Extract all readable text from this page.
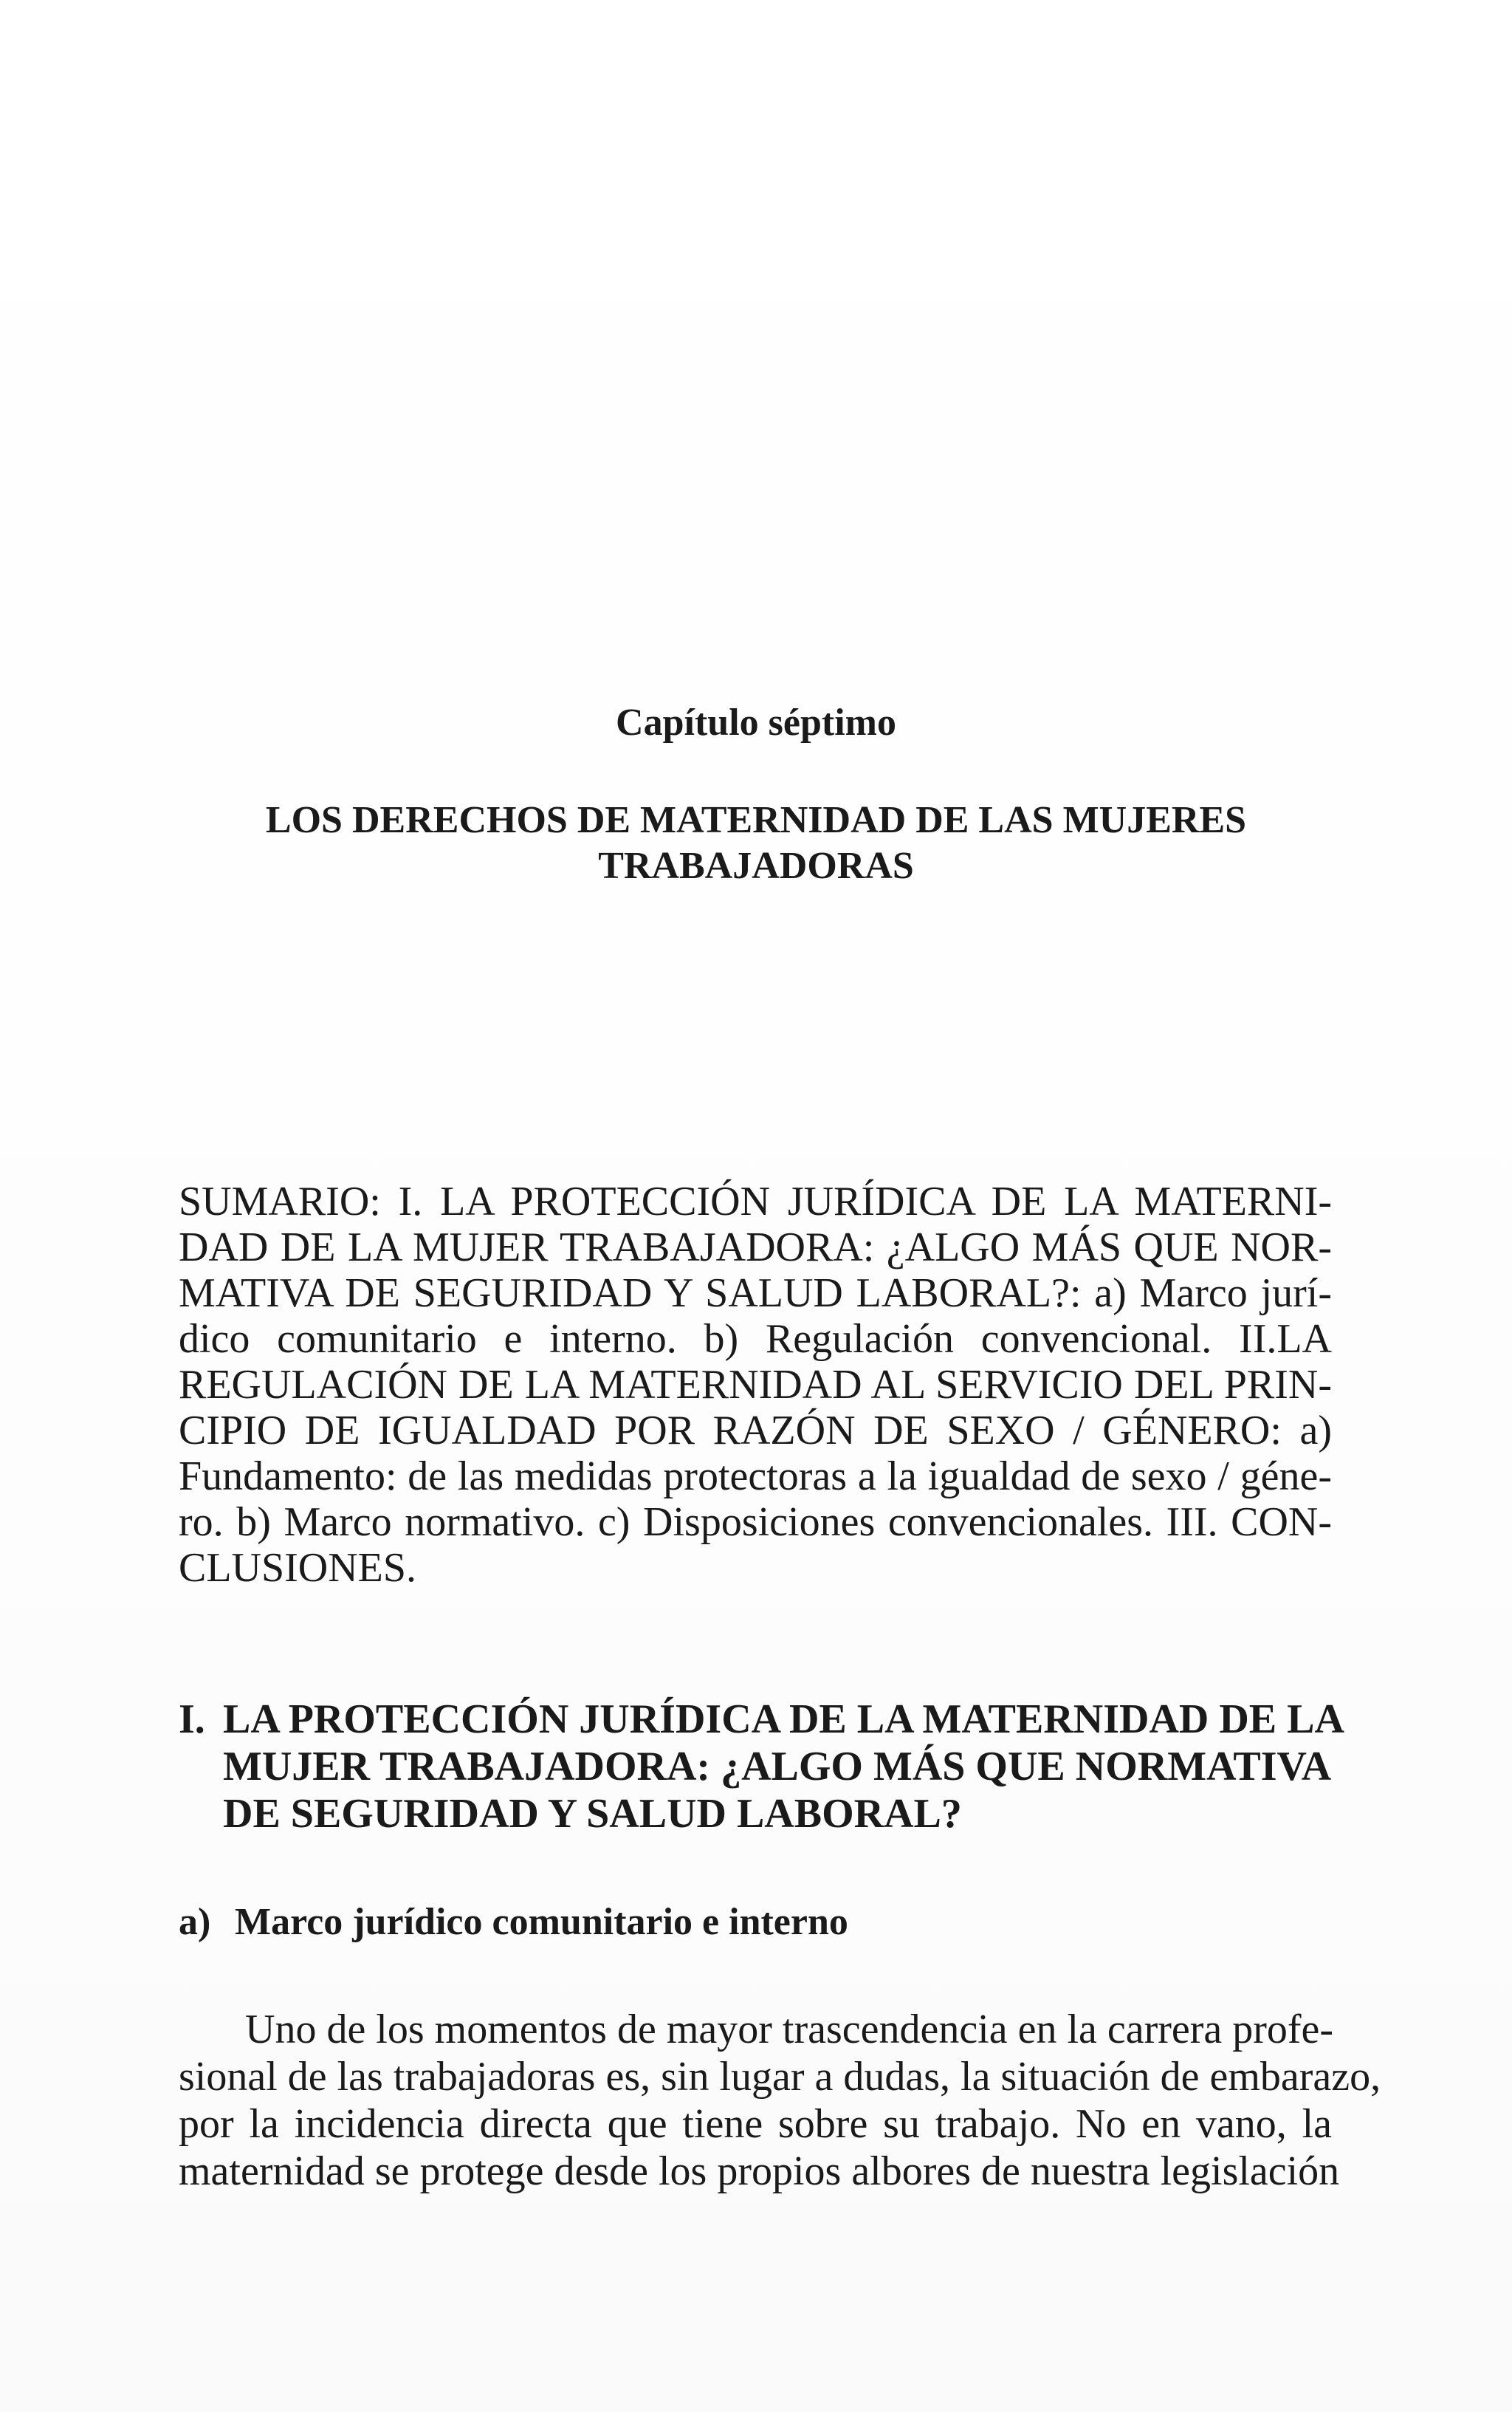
Capítulo séptimo
LOS DERECHOS DE MATERNIDAD DE LAS MUJERES
TRABAJADORAS
SUMARIO: I. LA PROTECCIÓN JURÍDICA DE LA MATERNI-
DAD DE LA MUJER TRABAJADORA: ¿ALGO MÁS QUE NOR-
MATIVA DE SEGURIDAD Y SALUD LABORAL?: a) Marco jurí-
dico comunitario e interno. b) Regulación convencional. II.LA
REGULACIÓN DE LA MATERNIDAD AL SERVICIO DEL PRIN-
CIPIO DE IGUALDAD POR RAZÓN DE SEXO / GÉNERO: a)
Fundamento: de las medidas protectoras a la igualdad de sexo / géne-
ro. b) Marco normativo. c) Disposiciones convencionales. III. CON-
CLUSIONES.
I. LA PROTECCIÓN JURÍDICA DE LA MATERNIDAD DE LA
MUJER TRABAJADORA: ¿ALGO MÁS QUE NORMATIVA
DE SEGURIDAD Y SALUD LABORAL?
a) Marco jurídico comunitario e interno

Uno de los momentos de mayor trascendencia en la carrera profe-
sional de las trabajadoras es, sin lugar a dudas, la situación de embarazo,
por la incidencia directa que tiene sobre su trabajo. No en vano, la
maternidad se protege desde los propios albores de nuestra legislación
